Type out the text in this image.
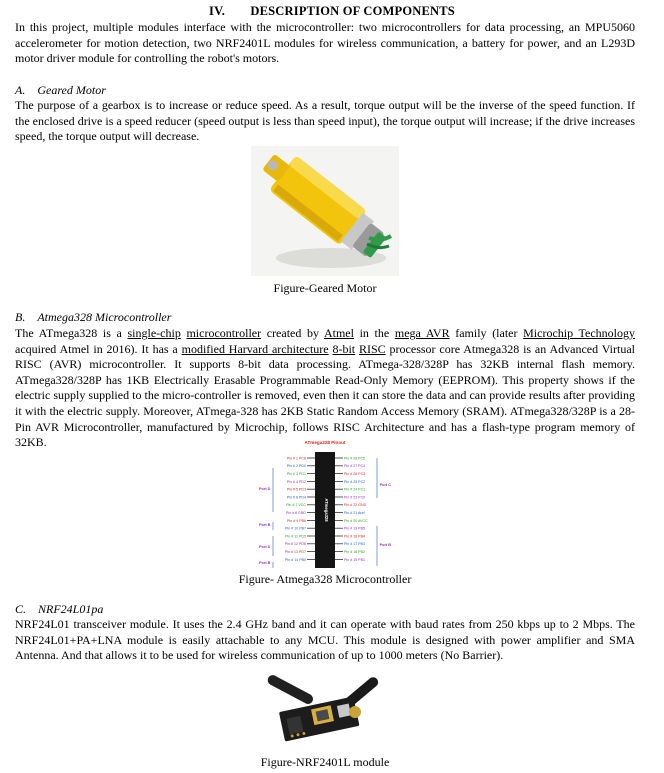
IV. DESCRIPTION OF COMPONENTS
In this project, multiple modules interface with the microcontroller: two microcontrollers for data processing, an MPU5060 accelerometer for motion detection, two NRF2401L modules for wireless communication, a battery for power, and an L293D motor driver module for controlling the robot's motors.
A. Geared Motor
The purpose of a gearbox is to increase or reduce speed. As a result, torque output will be the inverse of the speed function. If the enclosed drive is a speed reducer (speed output is less than speed input), the torque output will increase; if the drive increases speed, the torque output will decrease.
Figure-Geared Motor
B. Atmega328 Microcontroller
The ATmega328 is a single-chip microcontroller created by Atmel in the mega AVR family (later Microchip Technology acquired Atmel in 2016). It has a modified Harvard architecture 8-bit RISC processor core Atmega328 is an Advanced Virtual RISC (AVR) microcontroller. It supports 8-bit data processing. ATmega-328/328P has 32KB internal flash memory. ATmega328/328P has 1KB Electrically Erasable Programmable Read-Only Memory (EEPROM). This property shows if the electric supply supplied to the micro-controller is removed, even then it can store the data and can provide results after providing it with the electric supply. Moreover, ATmega-328 has 2KB Static Random Access Memory (SRAM). ATmega328/328P is a 28-Pin AVR Microcontroller, manufactured by Microchip, follows RISC Architecture and has a flash-type program memory of 32KB.	ATmega328 Pinout
ATmega328
Pin # 1 PC6
Pin # 2 PD0
Pin # 3 PD1
Pin # 4 PD2
Pin # 5 PD3
Pin # 6 PD4
Pin # 7 VCC
Pin # 8 GND
Pin # 9 PB6
Pin # 10 PB7
Pin # 11 PD5
Pin # 12 PD6
Pin # 13 PD7
Pin # 14 PB0
Pin # 28 PC5
Pin # 27 PC4
Pin # 26 PC3
Pin # 25 PC2
Pin # 24 PC1
Pin # 23 PC0
Pin # 22 GND
Pin # 21 Aref
Pin # 20 AVCC
Pin # 19 PB5
Pin # 18 PB4
Pin # 17 PB3
Pin # 16 PB2
Pin # 15 PB1
Port D
Port B
Port D
Port B
Port C
Port B
Figure- Atmega328 Microcontroller
C. NRF24L01pa
NRF24L01 transceiver module. It uses the 2.4 GHz band and it can operate with baud rates from 250 kbps up to 2 Mbps. The NRF24L01+PA+LNA module is easily attachable to any MCU. This module is designed with power amplifier and SMA Antenna. And that allows it to be used for wireless communication of up to 1000 meters (No Barrier).
Figure-NRF2401L module
